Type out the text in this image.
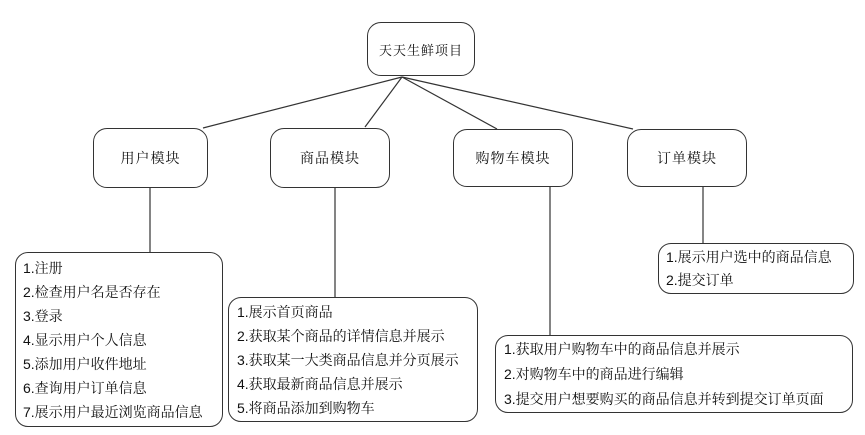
天天生鲜项目
用户模块	商品模块	购物车模块	订单模块
1.注册
2.检查用户名是否存在
3.登录
4.显示用户个人信息
5.添加用户收件地址
6.查询用户订单信息
7.展示用户最近浏览商品信息
1.展示首页商品
2.获取某个商品的详情信息并展示
3.获取某一大类商品信息并分页展示
4.获取最新商品信息并展示
5.将商品添加到购物车
1.获取用户购物车中的商品信息并展示
2.对购物车中的商品进行编辑
3.提交用户想要购买的商品信息并转到提交订单页面
1.展示用户选中的商品信息
2.提交订单
